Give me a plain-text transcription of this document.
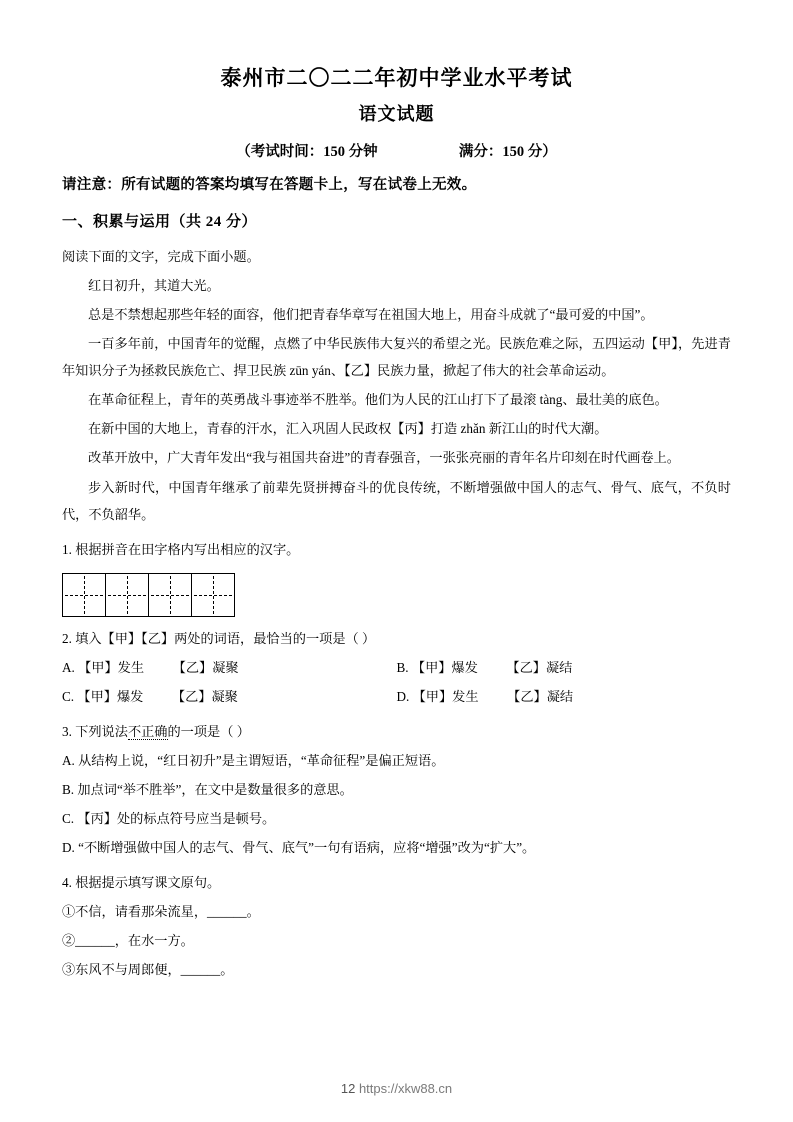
泰州市二〇二二年初中学业水平考试
语文试题
（考试时间：150 分钟	满分：150 分）
请注意：所有试题的答案均填写在答题卡上，写在试卷上无效。
一、积累与运用（共 24 分）
阅读下面的文字，完成下面小题。
红日初升，其道大光。
总是不禁想起那些年轻的面容，他们把青春华章写在祖国大地上，用奋斗成就了“最可爱的中国”。
一百多年前，中国青年的觉醒，点燃了中华民族伟大复兴的希望之光。民族危难之际，五四运动【甲】，先进青年知识分子为拯救民族危亡、捍卫民族 zūn yán、【乙】民族力量，掀起了伟大的社会革命运动。
在革命征程上，青年的英勇战斗事迹举不胜举。他们为人民的江山打下了最滚 tàng、最壮美的底色。
在新中国的大地上，青春的汗水，汇入巩固人民政权【丙】打造 zhǎn 新江山的时代大潮。
改革开放中，广大青年发出“我与祖国共奋进”的青春强音，一张张亮丽的青年名片印刻在时代画卷上。
步入新时代，中国青年继承了前辈先贤拼搏奋斗的优良传统，不断增强做中国人的志气、骨气、底气，不负时代，不负韶华。
1. 根据拼音在田字格内写出相应的汉字。
2. 填入【甲】【乙】两处的词语，最恰当的一项是（ ）
A. 【甲】发生 【乙】凝聚	B. 【甲】爆发 【乙】凝结
C. 【甲】爆发 【乙】凝聚	D. 【甲】发生 【乙】凝结
3. 下列说法不正确的一项是（ ）
A. 从结构上说，“红日初升”是主谓短语，“革命征程”是偏正短语。
B. 加点词“举不胜举”，在文中是数量很多的意思。
C. 【丙】处的标点符号应当是顿号。
D. “不断增强做中国人的志气、骨气、底气”一句有语病，应将“增强”改为“扩大”。
4. 根据提示填写课文原句。
①不信，请看那朵流星，______。
②______，在水一方。
③东风不与周郎便，______。
12 https://xkw88.cn
